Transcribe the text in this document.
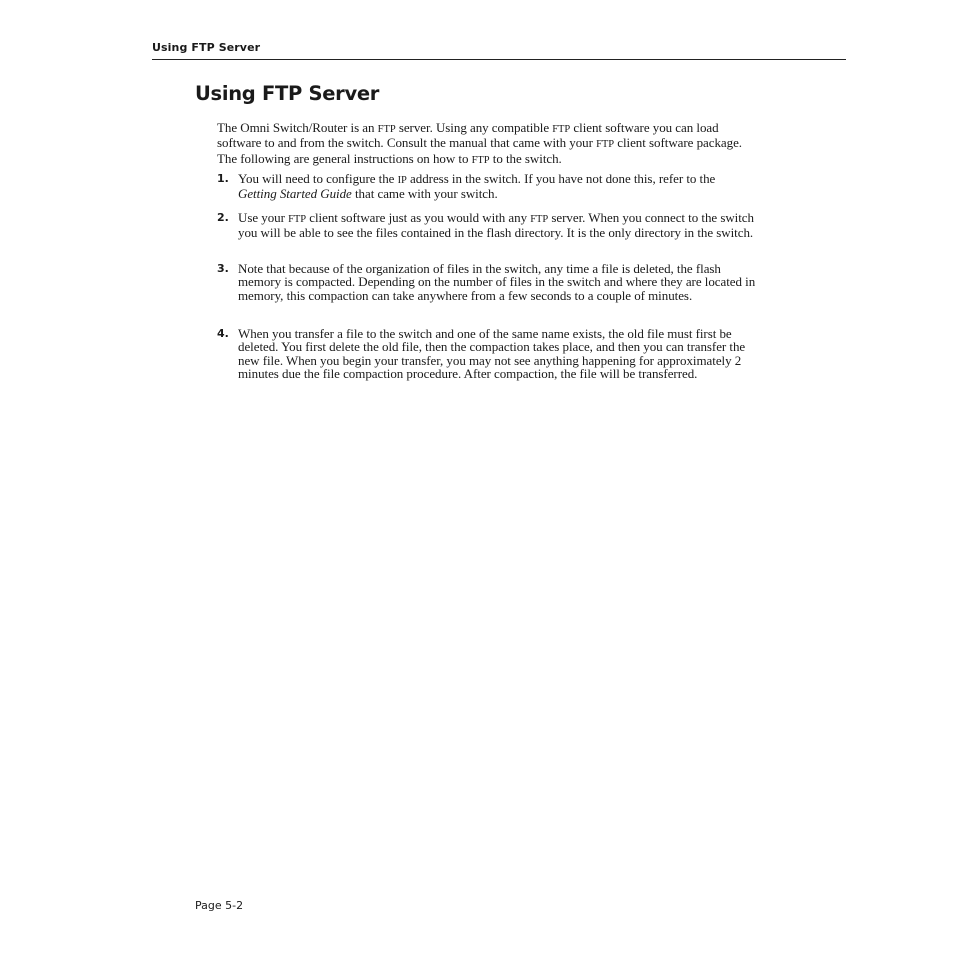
Using FTP Server
Using FTP Server

The Omni Switch/Router is an FTP server. Using any compatible FTP client software you can load software to and from the switch. Consult the manual that came with your FTP client software package. The following are general instructions on how to FTP to the switch.

1. You will need to configure the IP address in the switch. If you have not done this, refer to the Getting Started Guide that came with your switch.

2. Use your FTP client software just as you would with any FTP server. When you connect to the switch you will be able to see the files contained in the flash directory. It is the only directory in the switch.

3. Note that because of the organization of files in the switch, any time a file is deleted, the flash memory is compacted. Depending on the number of files in the switch and where they are located in memory, this compaction can take anywhere from a few seconds to a couple of minutes.

4. When you transfer a file to the switch and one of the same name exists, the old file must first be deleted. You first delete the old file, then the compaction takes place, and then you can transfer the new file. When you begin your transfer, you may not see anything happening for approximately 2 minutes due the file compaction procedure. After compaction, the file will be transferred.

Page 5-2
